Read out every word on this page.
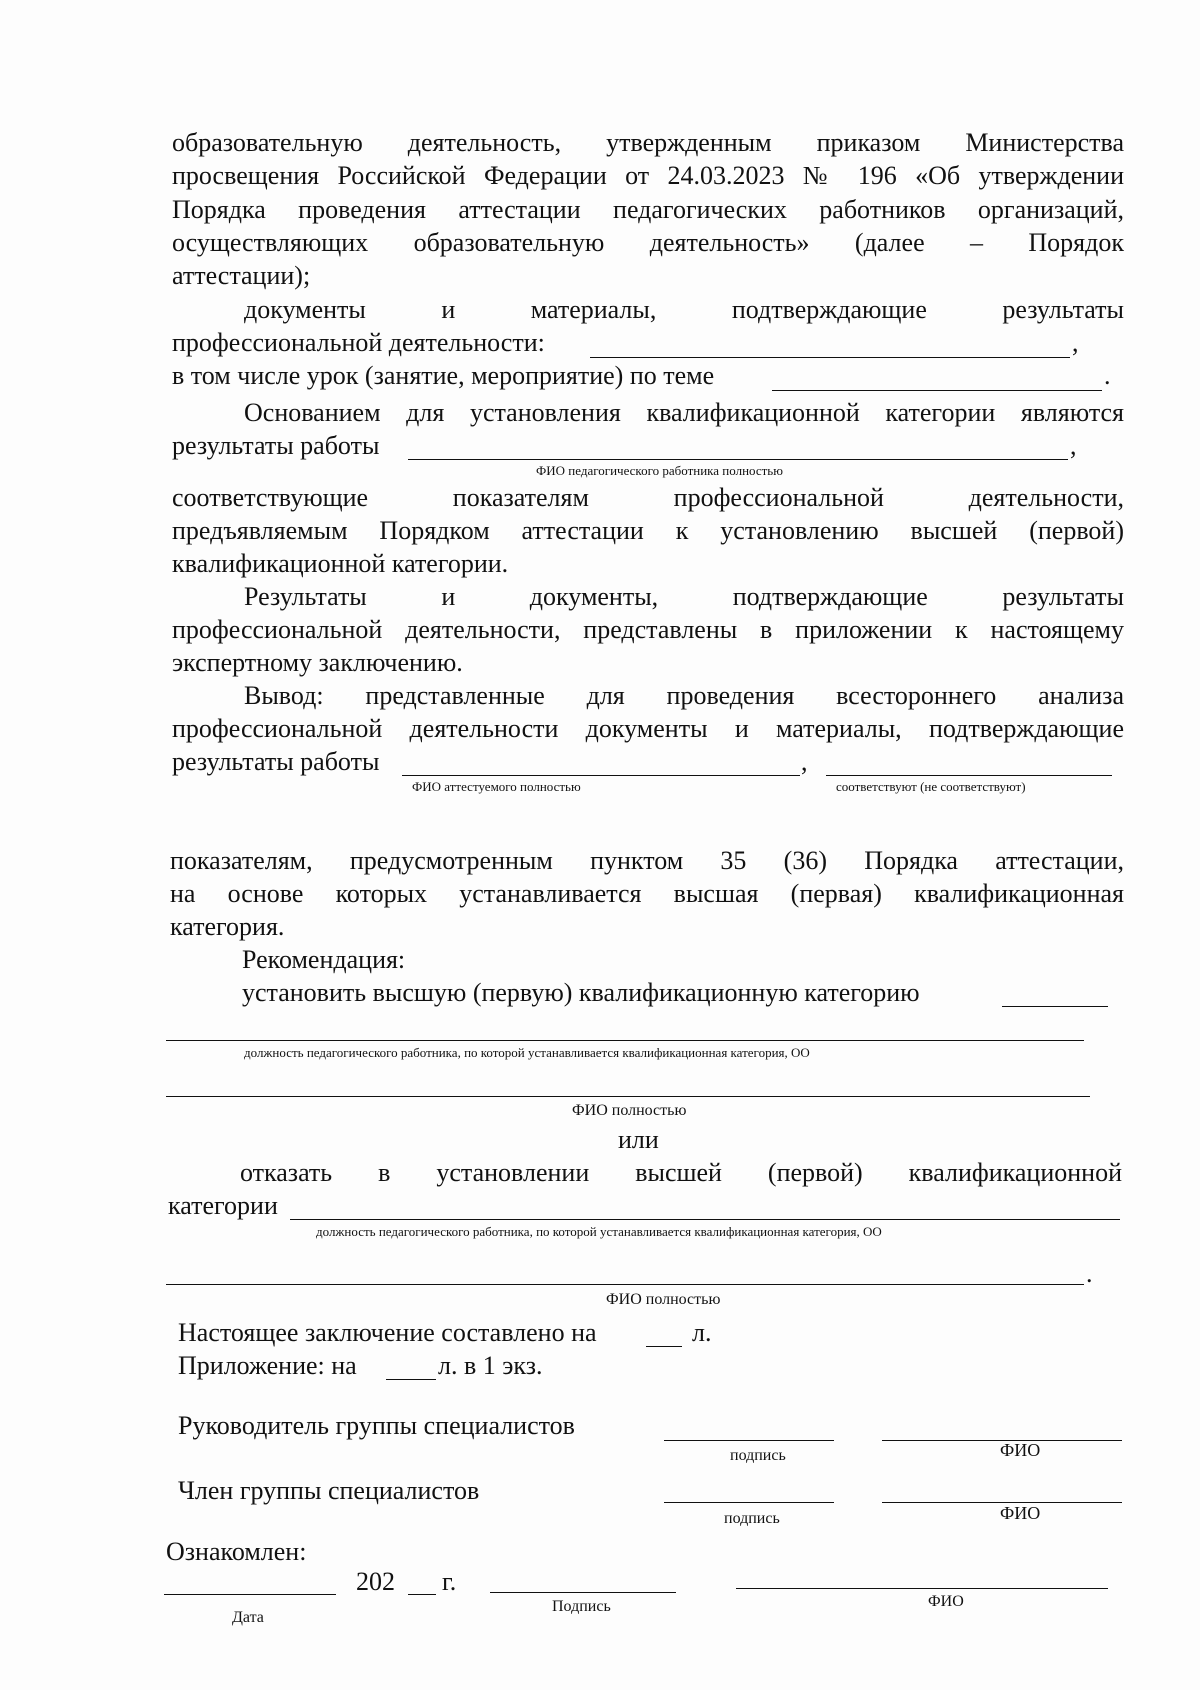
образовательную деятельность, утвержденным приказом Министерства
просвещения Российской Федерации от 24.03.2023 № 196 «Об утверждении
Порядка проведения аттестации педагогических работников организаций,
осуществляющих образовательную деятельность» (далее – Порядок
аттестации);
документы и материалы, подтверждающие результаты
профессиональной деятельности:	,
в том числе урок (занятие, мероприятие) по теме	.
Основанием для установления квалификационной категории являются
результаты работы	,
ФИО педагогического работника полностью
соответствующие показателям профессиональной деятельности,
предъявляемым Порядком аттестации к установлению высшей (первой)
квалификационной категории.
Результаты и документы, подтверждающие результаты
профессиональной деятельности, представлены в приложении к настоящему
экспертному заключению.
Вывод: представленные для проведения всестороннего анализа
профессиональной деятельности документы и материалы, подтверждающие
результаты работы	,
ФИО аттестуемого полностью	соответствуют (не соответствуют)
показателям, предусмотренным пунктом 35 (36) Порядка аттестации,
на основе которых устанавливается высшая (первая) квалификационная
категория.
Рекомендация:
установить высшую (первую) квалификационную категорию
должность педагогического работника, по которой устанавливается квалификационная категория, ОО
ФИО полностью
или
отказать в установлении высшей (первой) квалификационной
категории
должность педагогического работника, по которой устанавливается квалификационная категория, ОО
.
ФИО полностью
Настоящее заключение составлено на	л.
Приложение: на	л. в 1 экз.
Руководитель группы специалистов
подпись	ФИО
Член группы специалистов
подпись	ФИО
Ознакомлен:
202 г.
Дата
Подпись	ФИО
